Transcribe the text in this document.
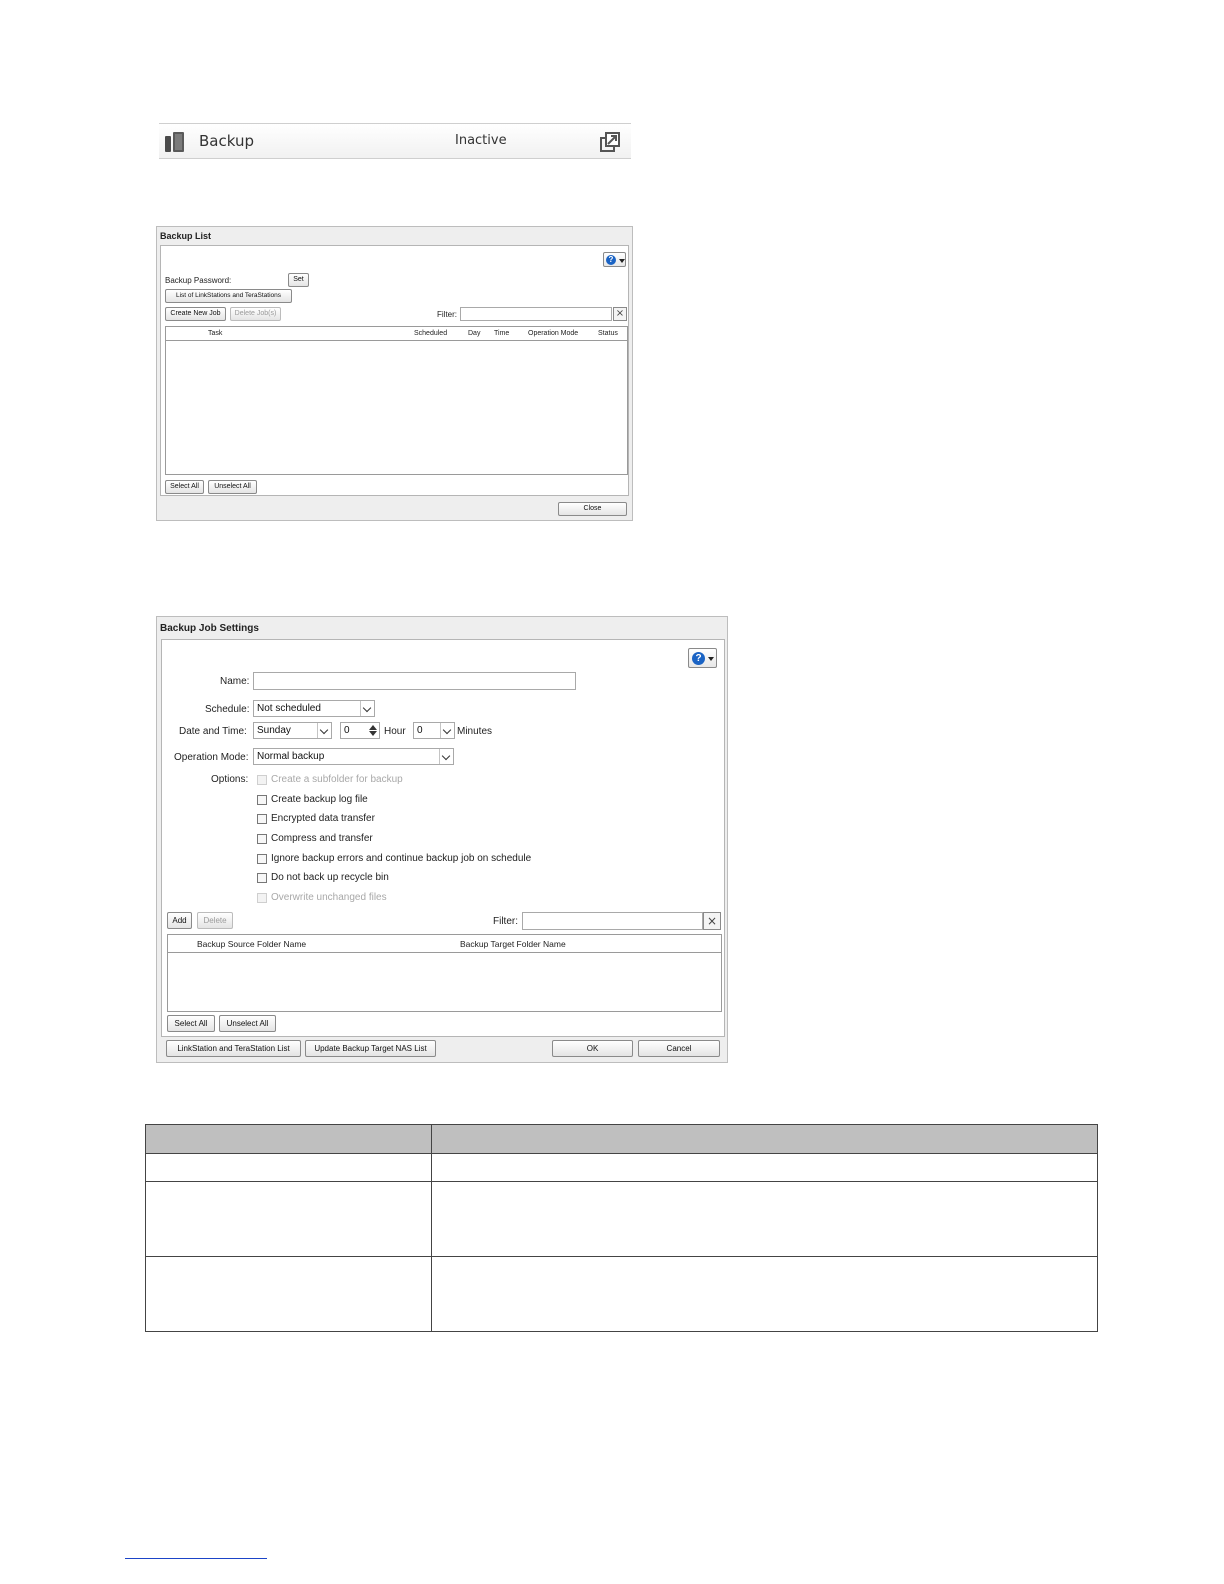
Backup	Inactive
Backup List
?
Backup Password:	Set
List of LinkStations and TeraStations
Create New Job	Delete Job(s)	Filter:	×
Task	Scheduled	Day Time	Operation Mode	Status
Select All	Unselect All
Close
Backup Job Settings
?
Name:
Schedule: Not scheduled
Date and Time:	Sunday	0	Hour	0	Minutes
Operation Mode: Normal backup
Options: Create a subfolder for backup
Create backup log file
Encrypted data transfer
Compress and transfer
Ignore backup errors and continue backup job on schedule
Do not back up recycle bin
Overwrite unchanged files
Add	Delete	Filter:	×
Backup Source Folder Name	Backup Target Folder Name
Select All	Unselect All
LinkStation and TeraStation List	Update Backup Target NAS List	OK	Cancel
